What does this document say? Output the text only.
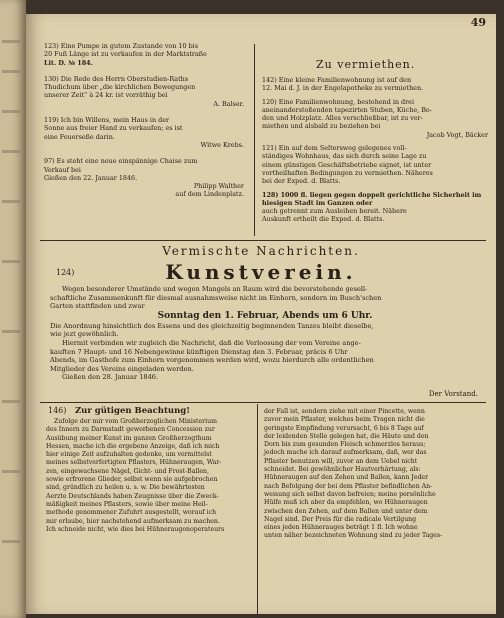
49

123) Eine Pumpe in gutem Zustande von 10 bis

20 Fuß Länge ist zu verkaufen in der Marktstraße

Lit. D. № 184.

130) Die Rede des Herrn Oberstudien-Raths

Thudichum über „die kirchlichen Bewegungen

unserer Zeit“ à 24 kr. ist vorräthig bei

A. Balser.

119) Ich bin Willens, mein Haus in der

Sonne aus freier Hand zu verkaufen; es ist

eine Feuerseße darin.

Witwe Krebs.

97) Es steht eine neue einspännige Chaise zum

Verkauf bei

Gießen den 22. Januar 1846.

Philipp Walther

auf dem Lindenplatz.

Zu vermiethen.

142) Eine kleine Familienwohnung ist auf den

12. Mai d. J. in der Engelapotheke zu vermiethen.

120) Eine Familienwohnung, bestehend in drei

aneinanderstoßenden tapezirten Stuben, Küche, Bo-

den und Holzplatz. Alles verschließbar, ist zu ver-

miethen und alsbald zu beziehen bei

Jacob Vogt, Bäcker

121) Ein auf dem Seltersweg gelegenes voll-

ständiges Wohnhaus, das sich durch seine Lage zu

einem günstigen Geschäftsbetriebe eignet, ist unter

vortheilhaften Bedingungen zu vermiethen. Näheres

bei der Exped. d. Blatts.

128) 1000 fl. liegen gegen doppelt gerichtliche Sicherheit im hiesigen Stadt im Ganzen oder

auch getrennt zum Ausleihen bereit. Nähere

Auskunft ertheilt die Exped. d. Blatts.

Vermischte Nachrichten.
124)	Kunstverein.

Wegen besonderer Umstände und wegen Mangels an Raum wird die bevorstehende gesell-

schaftliche Zusammenkunft für diesmal ausnahmsweise nicht im Einhorn, sondern im Busch'schen

Garten stattfinden und zwar

Sonntag den 1. Februar, Abends um 6 Uhr.

Die Anordnung hinsichtlich des Essens und des gleichzeitig beginnenden Tanzes bleibt dieselbe,

wie jezt gewöhnlich.

Hiermit verbinden wir zugleich die Nachricht, daß die Verloosung der vom Vereine ange-

kauften 7 Haupt- und 16 Nebengewinne künftigen Dienstag den 3. Februar, präcis 6 Uhr

Abends, im Gasthofe zum Einhorn vorgenommen werden wird, wozu hierdurch alle ordentlichen

Mitglieder des Vereins eingeladen werden.

Gießen den 28. Januar 1846.

Der Vorstand.
146) Zur gütigen Beachtung!

Zufolge der mir vom Großherzoglichen Ministerium

des Innern zu Darmstadt geworbenen Concession zur

Ausübung meiner Kunst im ganzen Großherzogthum

Hessen, mache ich die ergebene Anzeige, daß ich mich

hier einige Zeit aufzuhalten gedenke, um vermittelst

meines selbstverfertigten Pflasters, Hühneraugen, War-

zen, eingewachsene Nägel, Gicht- und Frost-Ballen,

sowie erfrorene Glieder, selbst wenn sie aufgebrochen

sind, gründlich zu heilen u. s. w. Die bewährtesten

Aerzte Deutschlands haben Zeugnisse über die Zweck-

mäßigkeit meines Pflasters, sowie über meine Heil-

methode genommener Zufuhrt ausgestellt, worauf ich

mir erlaube, hier nachstehend aufmerksam zu machen.

Ich schneide nicht, wie dies bei Hühneraugenoperateurs

der Fall ist, sondern ziehe mit einer Pincette, wenn

zuvor mein Pflaster, welches beim Tragen nicht die

geringste Empfindung verursacht, 6 bis 8 Tage auf

der leidenden Stelle gelegen hat, die Häute und den

Dorn bis zum gesunden Fleisch schmerzlos heraus;

jedoch mache ich darauf aufmerksam, daß, wer das

Pflaster benutzen will, zuvor an dem Uebel nicht

schneidet. Bei gewöhnlicher Hautverhärtung, als:

Hühneraugen auf den Zehen und Ballen, kann Jeder

nach Befolgung der bei dem Pflaster befindlichen An-

weisung sich selbst davon befreien; meine persönliche

Hülfe muß ich aber da empfehlen, wo Hühneraugen

zwischen den Zehen, auf dem Ballen und unter dem

Nagel sind. Der Preis für die radicale Vertilgung

eines jeden Hühnerauges beträgt 1 fl. Ich wohne

unten näher bezeichneten Wohnung sind zu jeder Tages-
